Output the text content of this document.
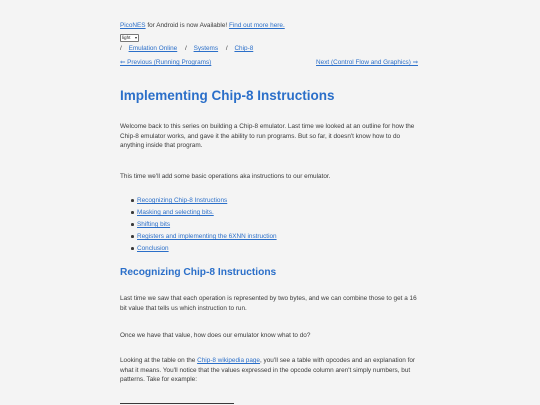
PicoNES for Android is now Available! Find out more here.
light ▾
/ Emulation Online / Systems / Chip-8
⇐ Previous (Running Programs)	Next (Control Flow and Graphics) ⇒
Implementing Chip-8 Instructions

Welcome back to this series on building a Chip-8 emulator. Last time we looked at an outline for how the Chip-8 emulator works, and gave it the ability to run programs. But so far, it doesn't know how to do anything inside that program.

This time we'll add some basic operations aka instructions to our emulator.

Recognizing Chip-8 Instructions
Masking and selecting bits.
Shifting bits
Registers and implementing the 6XNN instruction
Conclusion
Recognizing Chip-8 Instructions

Last time we saw that each operation is represented by two bytes, and we can combine those to get a 16 bit value that tells us which instruction to run.

Once we have that value, how does our emulator know what to do?

Looking at the table on the Chip-8 wikipedia page, you'll see a table with opcodes and an explanation for what it means. You'll notice that the values expressed in the opcode column aren't simply numbers, but patterns. Take for example:
